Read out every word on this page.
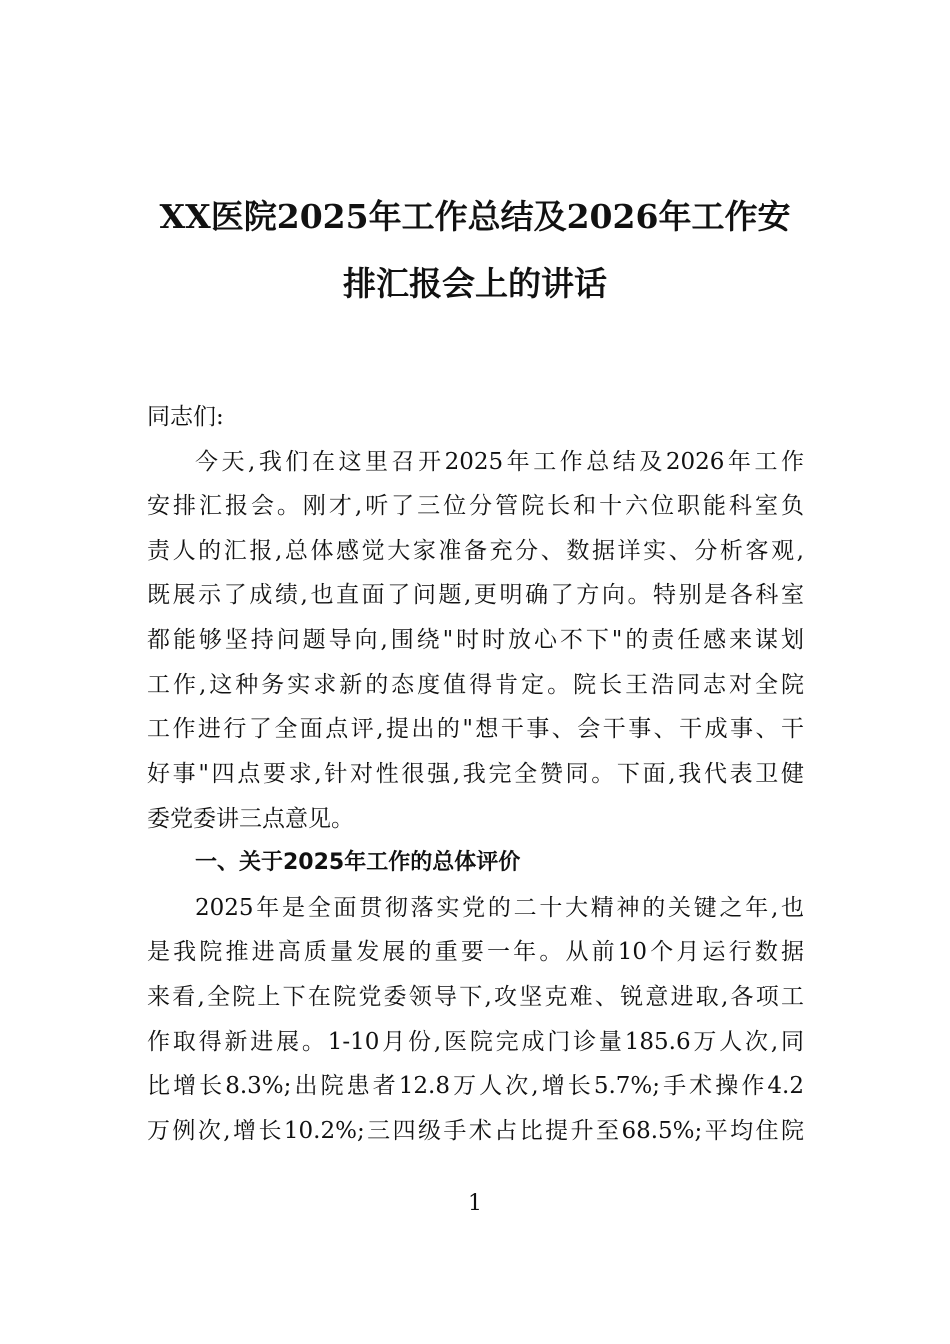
XX医院2025年工作总结及2026年工作安
排汇报会上的讲话
同志们:
今天,我们在这里召开2025年工作总结及2026年工作
安排汇报会。刚才,听了三位分管院长和十六位职能科室负
责人的汇报,总体感觉大家准备充分、数据详实、分析客观,
既展示了成绩,也直面了问题,更明确了方向。特别是各科室
都能够坚持问题导向,围绕"时时放心不下"的责任感来谋划
工作,这种务实求新的态度值得肯定。院长王浩同志对全院
工作进行了全面点评,提出的"想干事、会干事、干成事、干
好事"四点要求,针对性很强,我完全赞同。下面,我代表卫健
委党委讲三点意见。
一、关于2025年工作的总体评价
2025年是全面贯彻落实党的二十大精神的关键之年,也
是我院推进高质量发展的重要一年。从前10个月运行数据
来看,全院上下在院党委领导下,攻坚克难、锐意进取,各项工
作取得新进展。1-10月份,医院完成门诊量185.6万人次,同
比增长8.3%;出院患者12.8万人次,增长5.7%;手术操作4.2
万例次,增长10.2%;三四级手术占比提升至68.5%;平均住院
1
